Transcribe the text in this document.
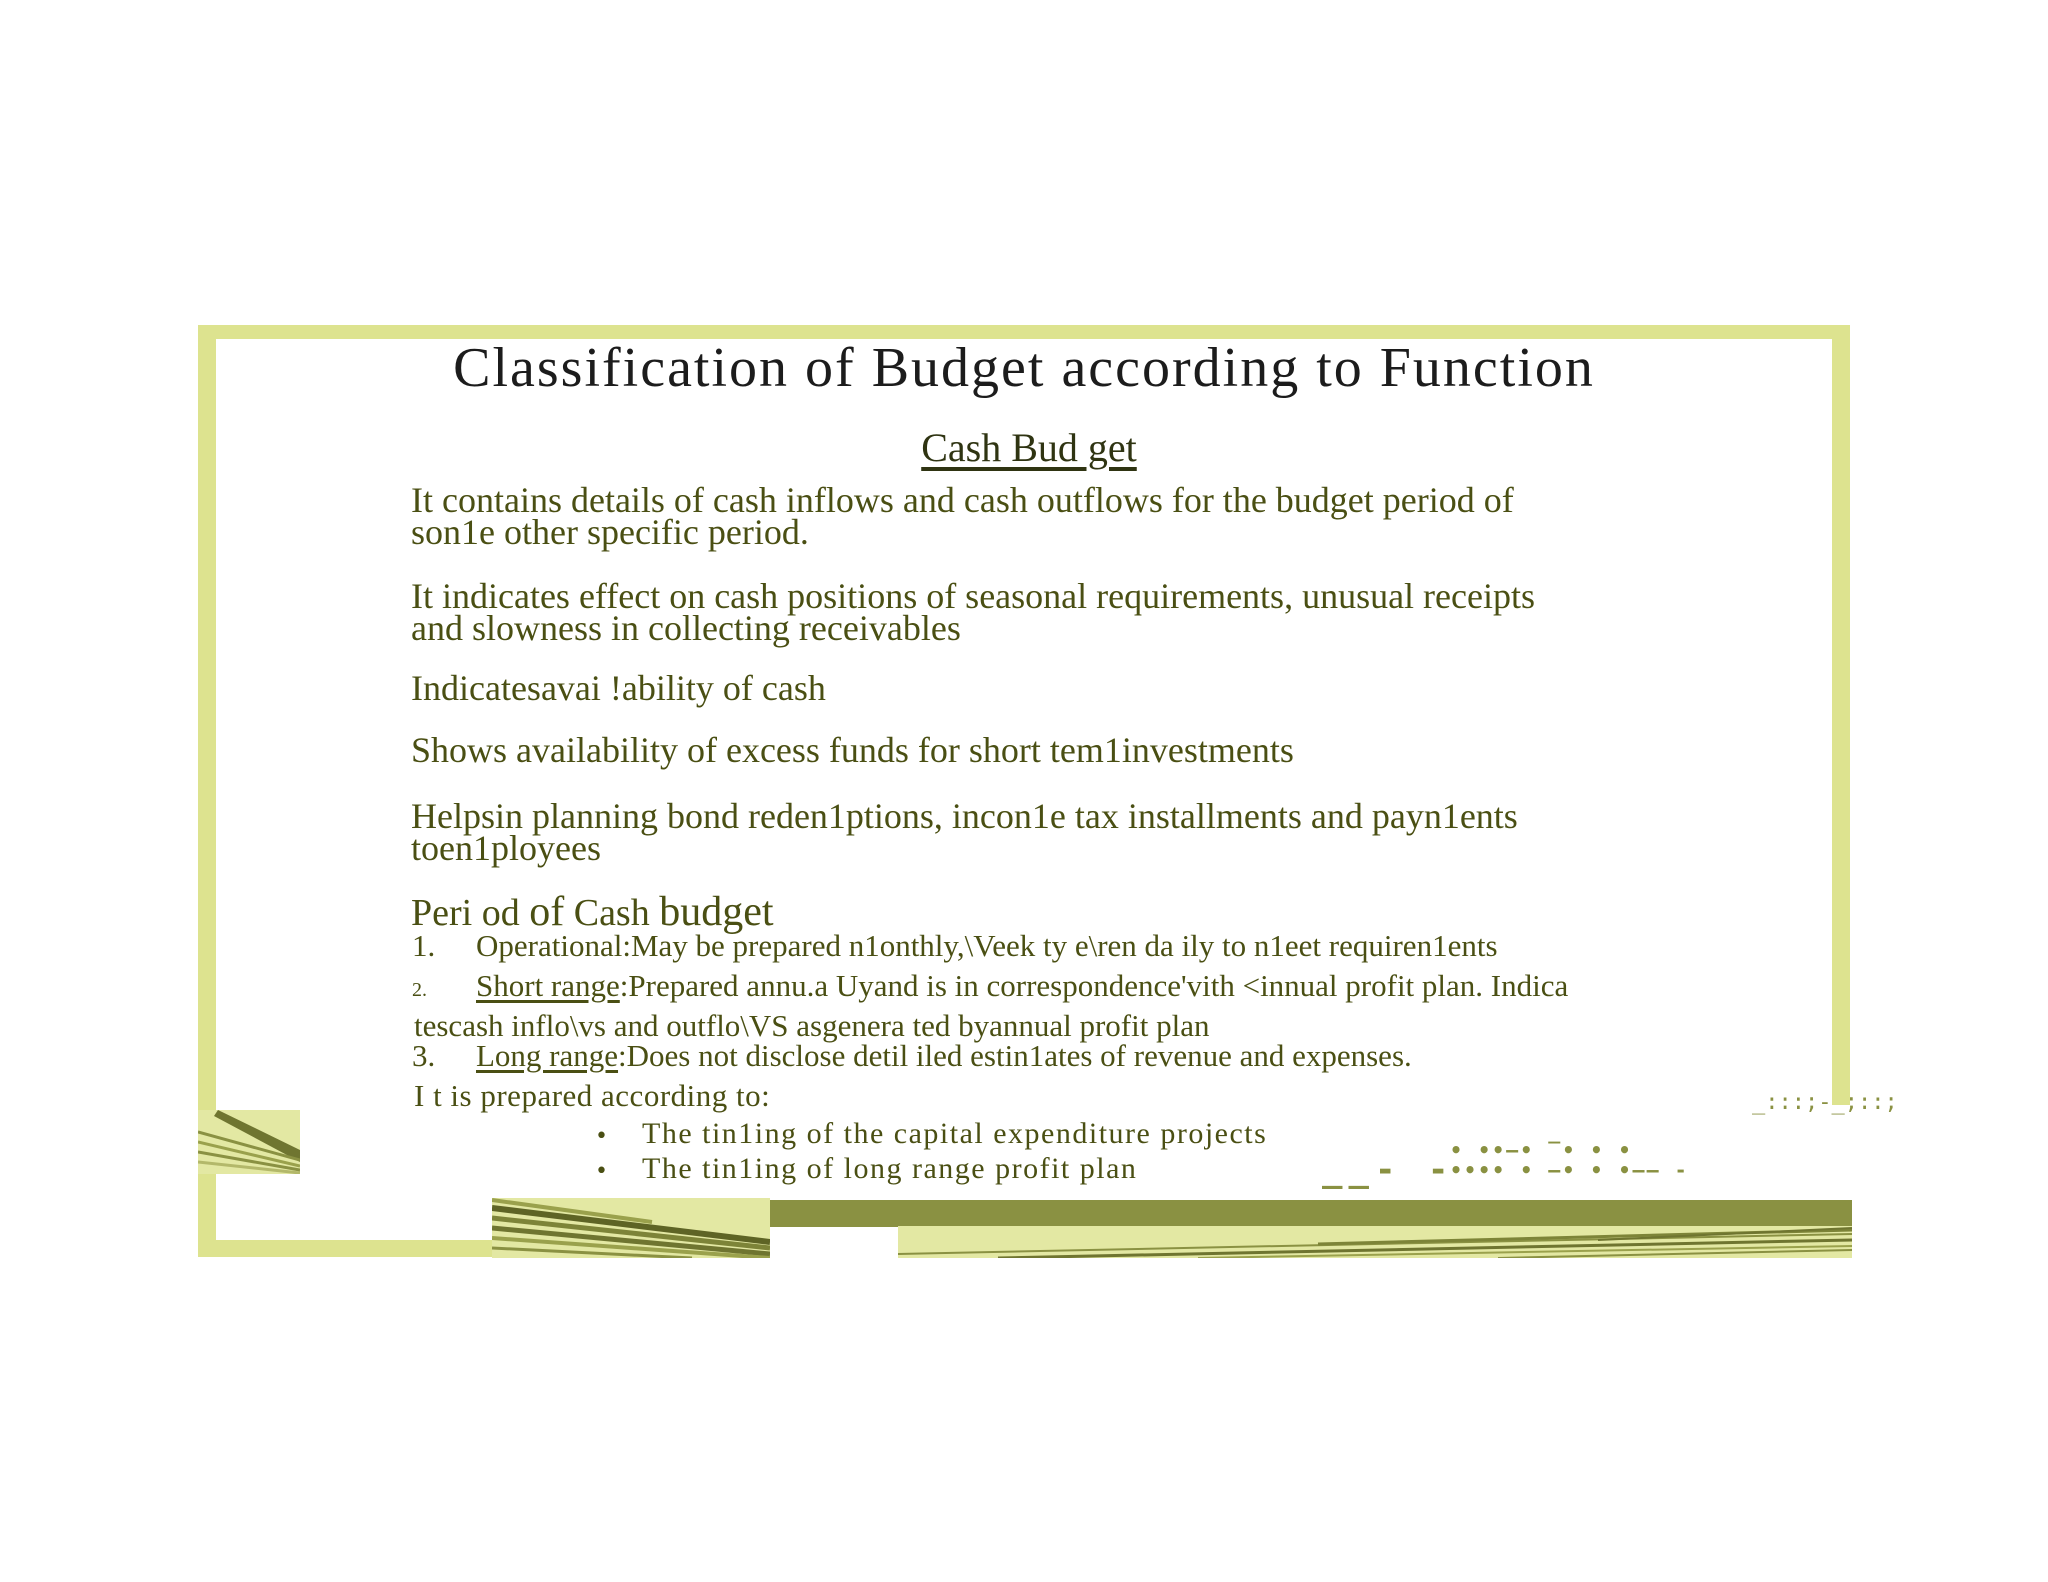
Classification of Budget according to Function
Cash Bud get
It contains details of cash inflows and cash outflows for the budget period of
son1e other specific period.
It indicates effect on cash positions of seasonal requirements, unusual receipts
and slowness in collecting receivables
Indicatesavai !ability of cash
Shows availability of excess funds for short tem1investments
Helpsin planning bond reden1ptions, incon1e tax installments and payn1ents
toen1ployees
Peri od of Cash budget
1. Operational:May be prepared n1onthly,\Veek ty e\ren da ily to n1eet requiren1ents
2. Short range:Prepared annu.a Uyand is in correspondence'vith <innual profit plan. Indica
tescash inflo\vs and outflo\VS asgenera ted byannual profit plan
3. Long range:Does not disclose detil iled estin1ates of revenue and expenses.
I t is prepared according to:
• The tin1ing of the capital expenditure projects
• The tin1ing of long range profit plan
_:::;-_;::;
__- -
• ••—• ‾• • •
•••• • —• • •—— -
